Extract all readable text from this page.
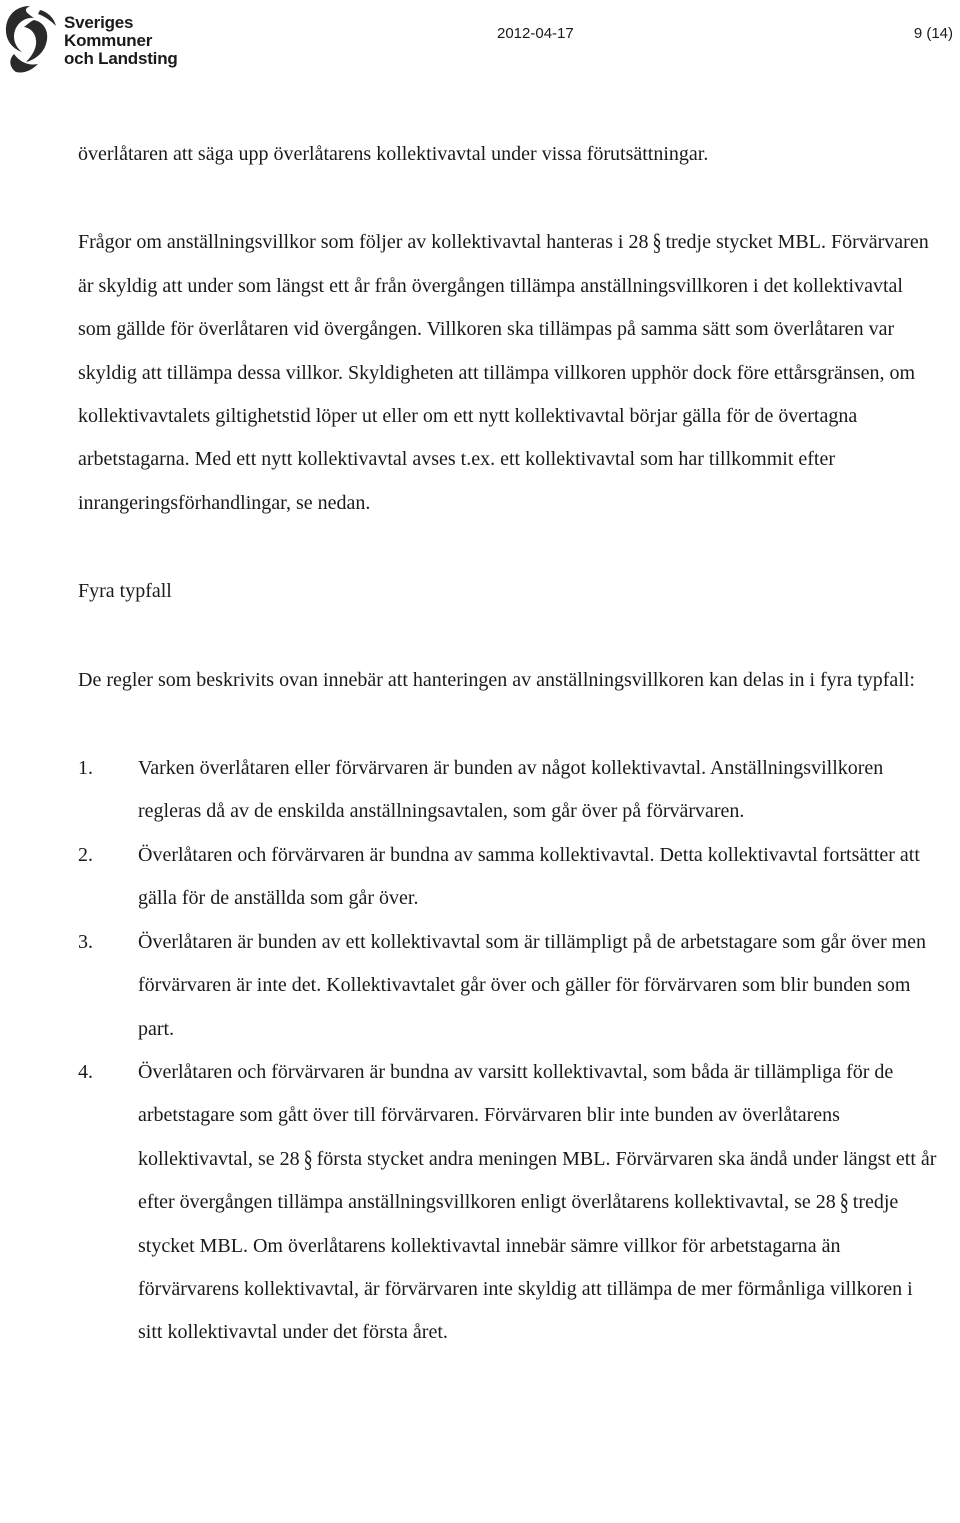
Sveriges
Kommuner
och Landsting
2012-04-17	9 (14)

överlåtaren att säga upp överlåtarens kollektivavtal under vissa förutsättningar.

Frågor om anställningsvillkor som följer av kollektivavtal hanteras i 28 § tredje stycket MBL. Förvärvaren är skyldig att under som längst ett år från övergången tillämpa anställningsvillkoren i det kollektivavtal som gällde för överlåtaren vid övergången. Villkoren ska tillämpas på samma sätt som överlåtaren var skyldig att tillämpa dessa villkor. Skyldigheten att tillämpa villkoren upphör dock före ettårsgränsen, om kollektivavtalets giltighetstid löper ut eller om ett nytt kollektivavtal börjar gälla för de övertagna arbetstagarna. Med ett nytt kollektivavtal avses t.ex. ett kollektivavtal som har tillkommit efter inrangeringsförhandlingar, se nedan.

Fyra typfall

De regler som beskrivits ovan innebär att hanteringen av anställningsvillkoren kan delas in i fyra typfall:

1. Varken överlåtaren eller förvärvaren är bunden av något kollektivavtal. Anställningsvillkoren regleras då av de enskilda anställningsavtalen, som går över på förvärvaren.
2. Överlåtaren och förvärvaren är bundna av samma kollektivavtal. Detta kollektivavtal fortsätter att gälla för de anställda som går över.
3. Överlåtaren är bunden av ett kollektivavtal som är tillämpligt på de arbetstagare som går över men förvärvaren är inte det. Kollektivavtalet går över och gäller för förvärvaren som blir bunden som part.
4. Överlåtaren och förvärvaren är bundna av varsitt kollektivavtal, som båda är tillämpliga för de arbetstagare som gått över till förvärvaren. Förvärvaren blir inte bunden av överlåtarens kollektivavtal, se 28 § första stycket andra meningen MBL. Förvärvaren ska ändå under längst ett år efter övergången tillämpa anställningsvillkoren enligt överlåtarens kollektivavtal, se 28 § tredje stycket MBL. Om överlåtarens kollektivavtal innebär sämre villkor för arbetstagarna än förvärvarens kollektivavtal, är förvärvaren inte skyldig att tillämpa de mer förmånliga villkoren i sitt kollektivavtal under det första året.
